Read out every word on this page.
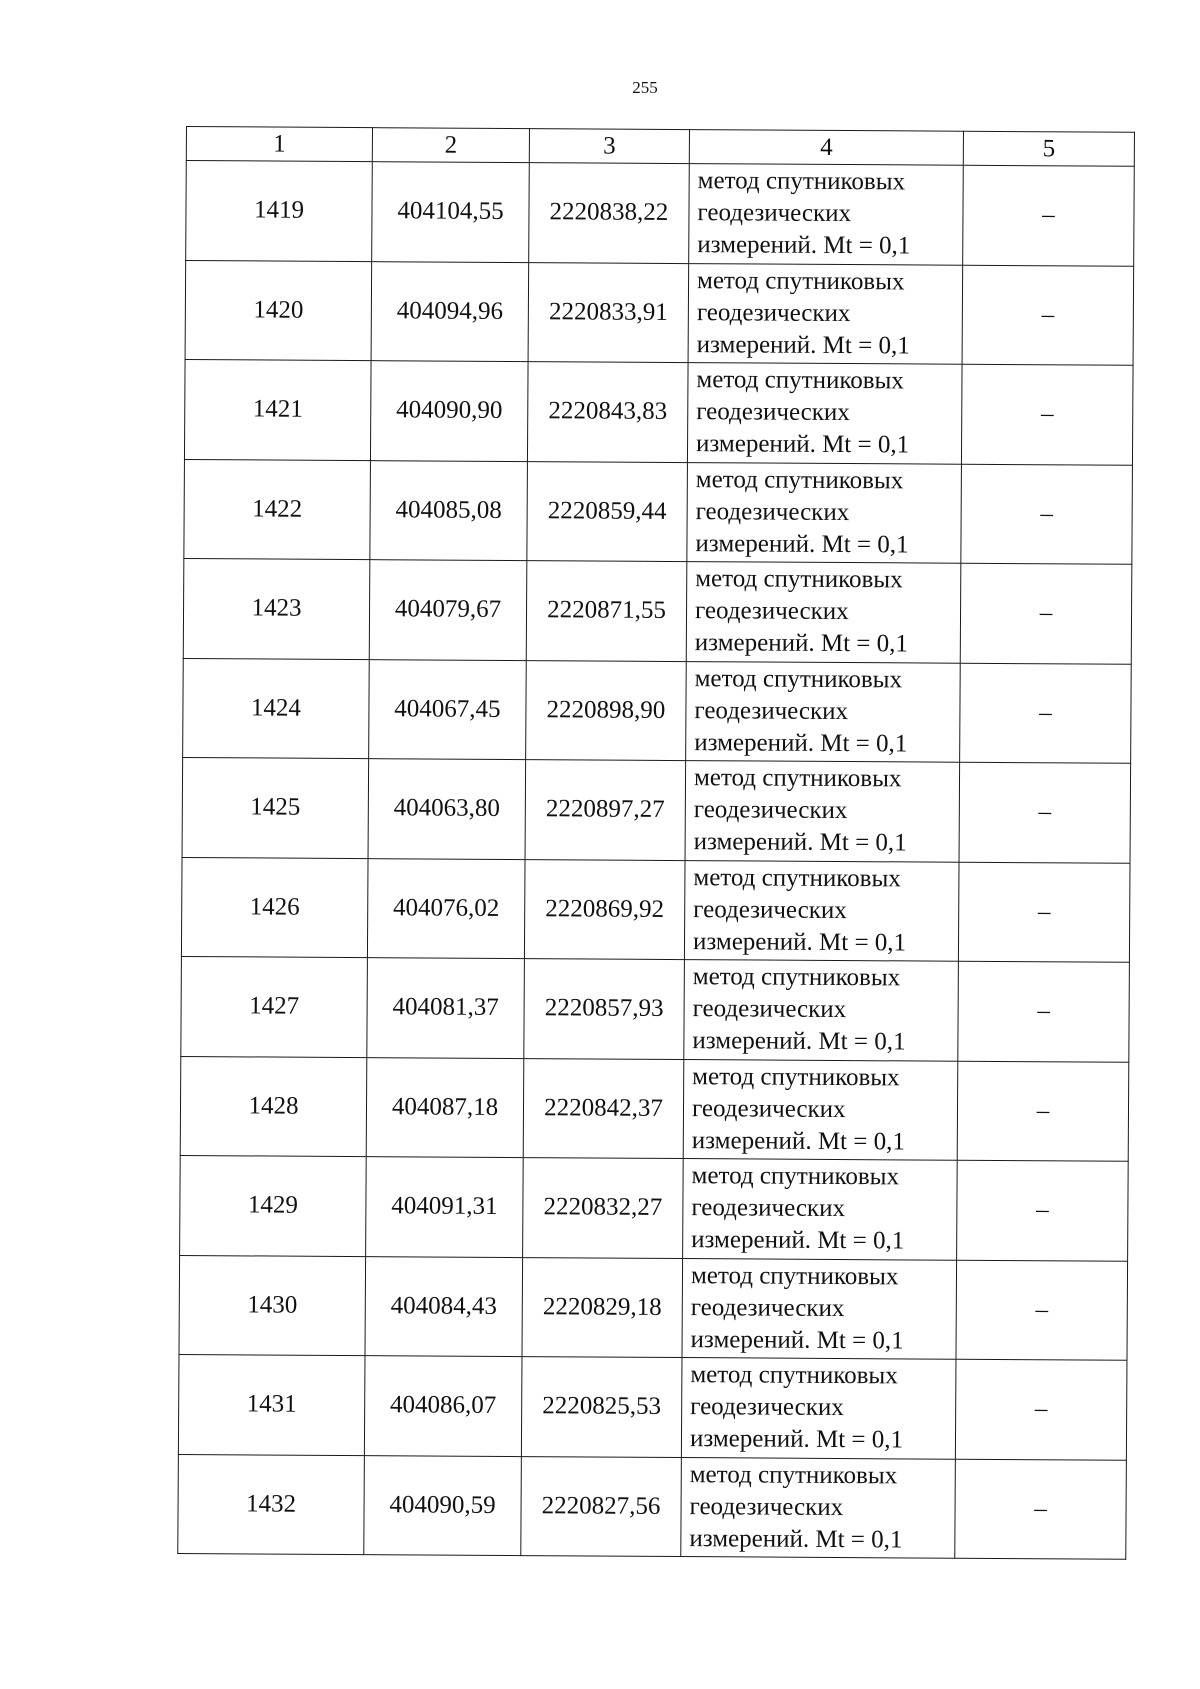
255
1	2	3	4	5
1419	404104,55	2220838,22	метод спутниковых
геодезических
измерений. Mt = 0,1	–
1420	404094,96	2220833,91	метод спутниковых
геодезических
измерений. Mt = 0,1	–
1421	404090,90	2220843,83	метод спутниковых
геодезических
измерений. Mt = 0,1	–
1422	404085,08	2220859,44	метод спутниковых
геодезических
измерений. Mt = 0,1	–
1423	404079,67	2220871,55	метод спутниковых
геодезических
измерений. Mt = 0,1	–
1424	404067,45	2220898,90	метод спутниковых
геодезических
измерений. Mt = 0,1	–
1425	404063,80	2220897,27	метод спутниковых
геодезических
измерений. Mt = 0,1	–
1426	404076,02	2220869,92	метод спутниковых
геодезических
измерений. Mt = 0,1	–
1427	404081,37	2220857,93	метод спутниковых
геодезических
измерений. Mt = 0,1	–
1428	404087,18	2220842,37	метод спутниковых
геодезических
измерений. Mt = 0,1	–
1429	404091,31	2220832,27	метод спутниковых
геодезических
измерений. Mt = 0,1	–
1430	404084,43	2220829,18	метод спутниковых
геодезических
измерений. Mt = 0,1	–
1431	404086,07	2220825,53	метод спутниковых
геодезических
измерений. Mt = 0,1	–
1432	404090,59	2220827,56	метод спутниковых
геодезических
измерений. Mt = 0,1	–
